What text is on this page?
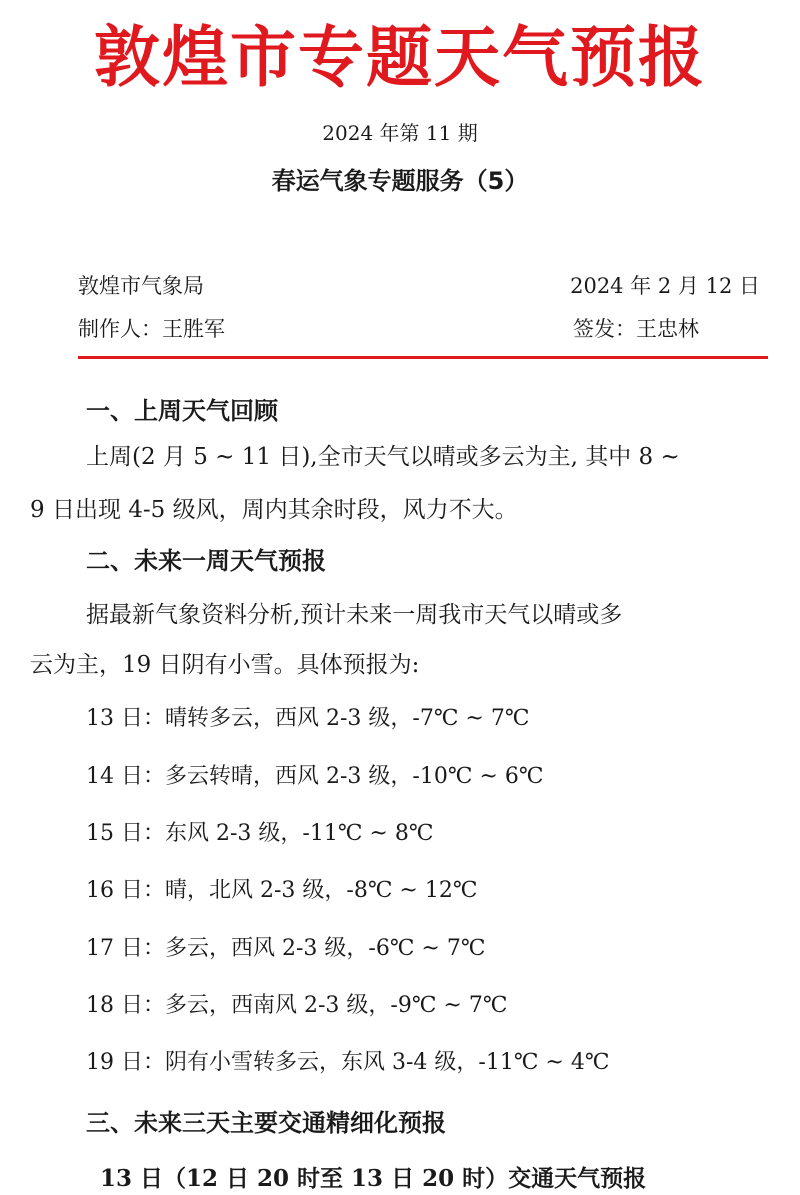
敦煌市专题天气预报
2024 年第 11 期
春运气象专题服务（5）
敦煌市气象局	2024 年 2 月 12 日
制作人：王胜军	签发：王忠林
一、上周天气回顾
上周(2 月 5 ~ 11 日),全市天气以晴或多云为主, 其中 8 ~
9 日出现 4-5 级风，周内其余时段，风力不大。
二、未来一周天气预报
据最新气象资料分析,预计未来一周我市天气以晴或多
云为主，19 日阴有小雪。具体预报为:
13 日：晴转多云，西风 2-3 级，-7℃ ~ 7℃
14 日：多云转晴，西风 2-3 级，-10℃ ~ 6℃
15 日：东风 2-3 级，-11℃ ~ 8℃
16 日：晴，北风 2-3 级，-8℃ ~ 12℃
17 日：多云，西风 2-3 级，-6℃ ~ 7℃
18 日：多云，西南风 2-3 级，-9℃ ~ 7℃
19 日：阴有小雪转多云，东风 3-4 级，-11℃ ~ 4℃
三、未来三天主要交通精细化预报
13 日（12 日 20 时至 13 日 20 时）交通天气预报
